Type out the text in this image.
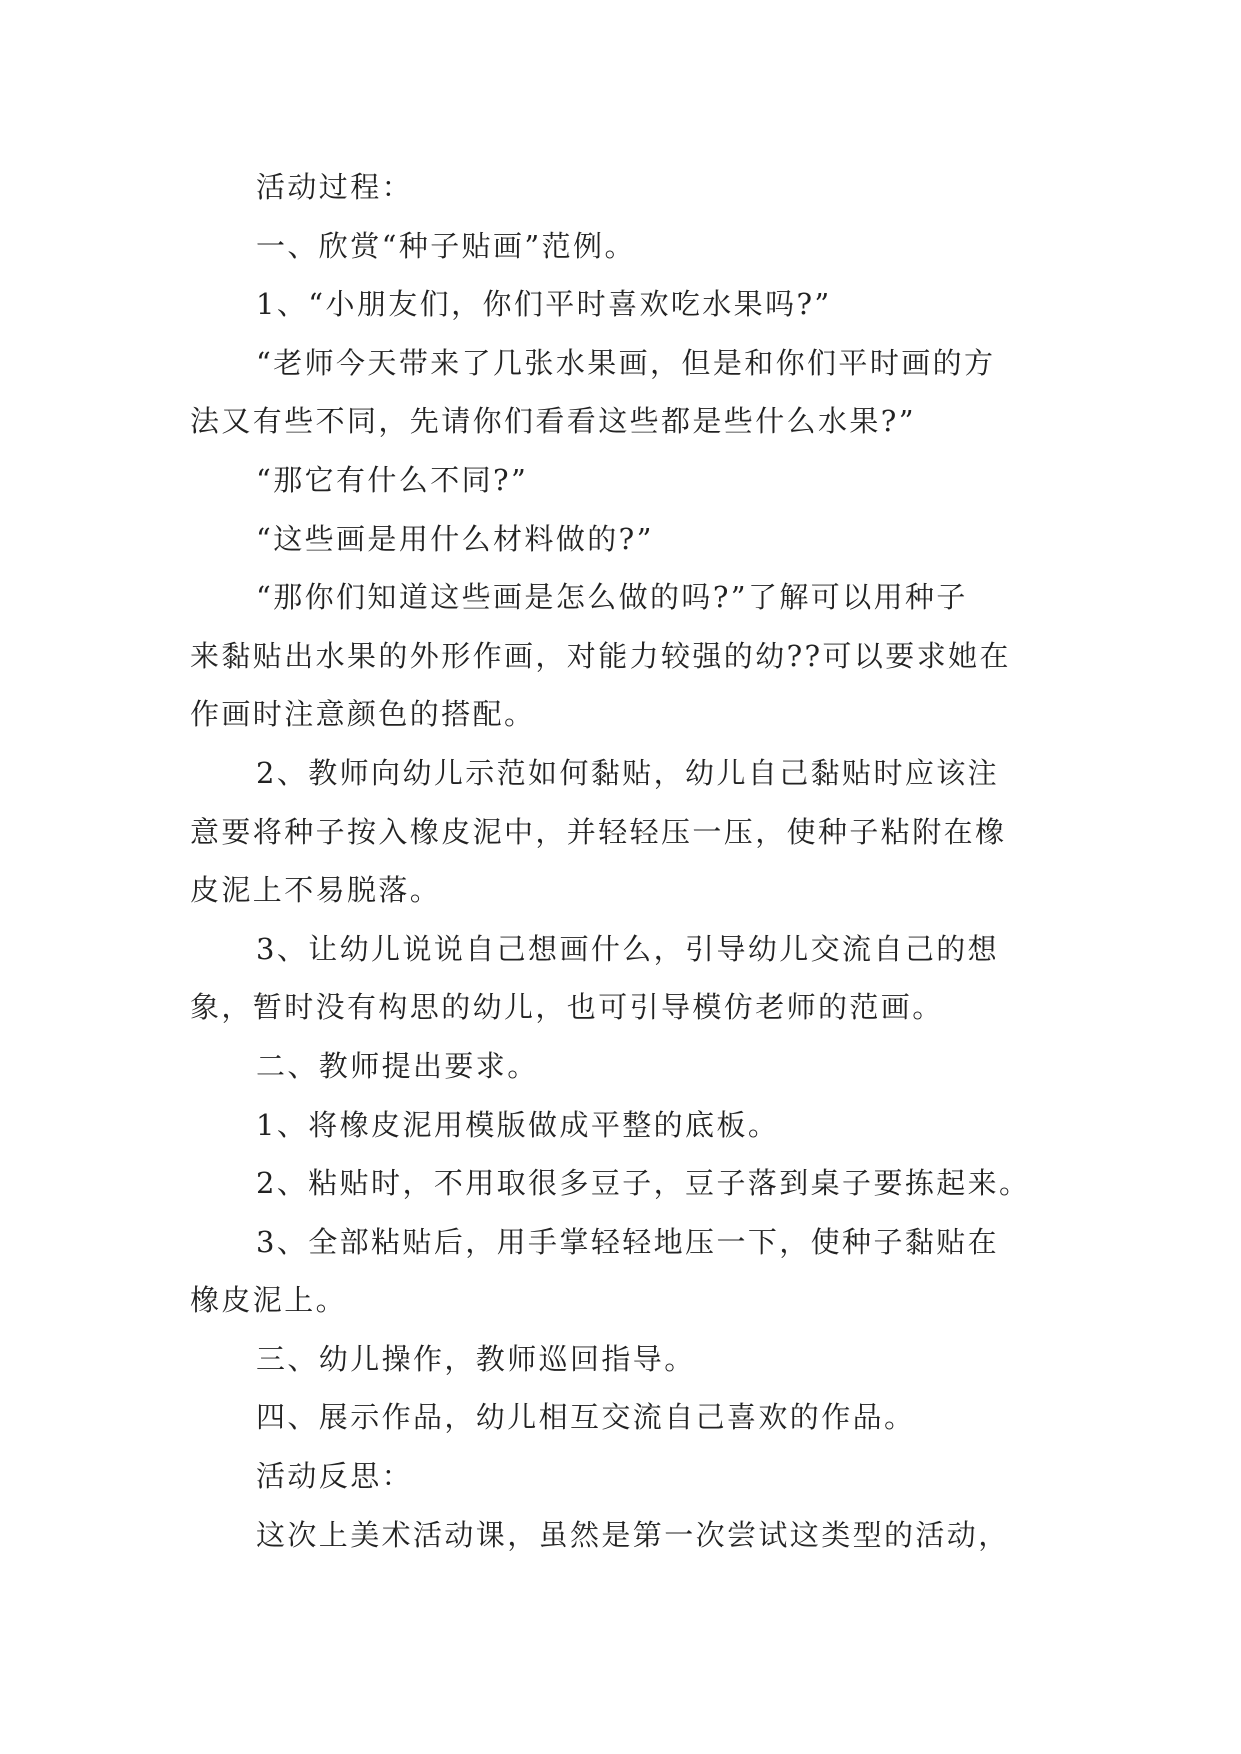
活动过程：
一、欣赏“种子贴画”范例。
1、“小朋友们，你们平时喜欢吃水果吗?”
“老师今天带来了几张水果画，但是和你们平时画的方
法又有些不同，先请你们看看这些都是些什么水果?”
“那它有什么不同?”
“这些画是用什么材料做的?”
“那你们知道这些画是怎么做的吗?”了解可以用种子
来黏贴出水果的外形作画，对能力较强的幼??可以要求她在
作画时注意颜色的搭配。
2、教师向幼儿示范如何黏贴，幼儿自己黏贴时应该注
意要将种子按入橡皮泥中，并轻轻压一压，使种子粘附在橡
皮泥上不易脱落。
3、让幼儿说说自己想画什么，引导幼儿交流自己的想
象，暂时没有构思的幼儿，也可引导模仿老师的范画。
二、教师提出要求。
1、将橡皮泥用模版做成平整的底板。
2、粘贴时，不用取很多豆子，豆子落到桌子要拣起来。
3、全部粘贴后，用手掌轻轻地压一下，使种子黏贴在
橡皮泥上。
三、幼儿操作，教师巡回指导。
四、展示作品，幼儿相互交流自己喜欢的作品。
活动反思：
这次上美术活动课，虽然是第一次尝试这类型的活动，
